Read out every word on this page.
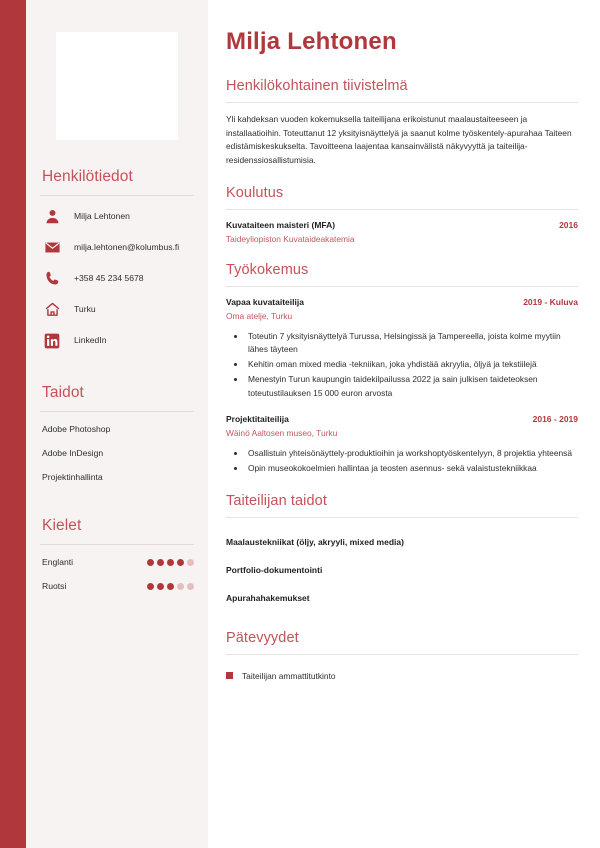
Henkilötiedot
Milja Lehtonen
milja.lehtonen@kolumbus.fi
+358 45 234 5678
Turku
LinkedIn
Taidot
Adobe Photoshop
Adobe InDesign
Projektinhallinta
Kielet
Englanti
Ruotsi
Milja Lehtonen
Henkilökohtainen tiivistelmä

Yli kahdeksan vuoden kokemuksella taiteilijana erikoistunut maalaustaiteeseen ja installaatioihin. Toteuttanut 12 yksityisnäyttelyä ja saanut kolme työskentely-apurahaa Taiteen edistämiskeskukselta. Tavoitteena laajentaa kansainvälistä näkyvyyttä ja taiteilija-residenssiosallistumisia.

Koulutus
Kuvataiteen maisteri (MFA)	2016
Taideyliopiston Kuvataideakatemia
Työkokemus
Vapaa kuvataiteilija	2019 - Kuluva
Oma atelje, Turku
• Toteutin 7 yksityisnäyttelyä Turussa, Helsingissä ja Tampereella, joista kolme myytiin lähes täyteen
• Kehitin oman mixed media -tekniikan, joka yhdistää akryylia, öljyä ja tekstiilejä
• Menestyin Turun kaupungin taidekilpailussa 2022 ja sain julkisen taideteoksen toteutustilauksen 15 000 euron arvosta
Projektitaiteilija	2016 - 2019
Wäinö Aaltosen museo, Turku
• Osallistuin yhteisönäyttely-produktioihin ja workshoptyöskentelyyn, 8 projektia yhteensä
• Opin museokokoelmien hallintaa ja teosten asennus- sekä valaistustekniikkaa
Taiteilijan taidot
Maalaustekniikat (öljy, akryyli, mixed media)
Portfolio-dokumentointi
Apurahahakemukset
Pätevyydet
Taiteilijan ammattitutkinto
